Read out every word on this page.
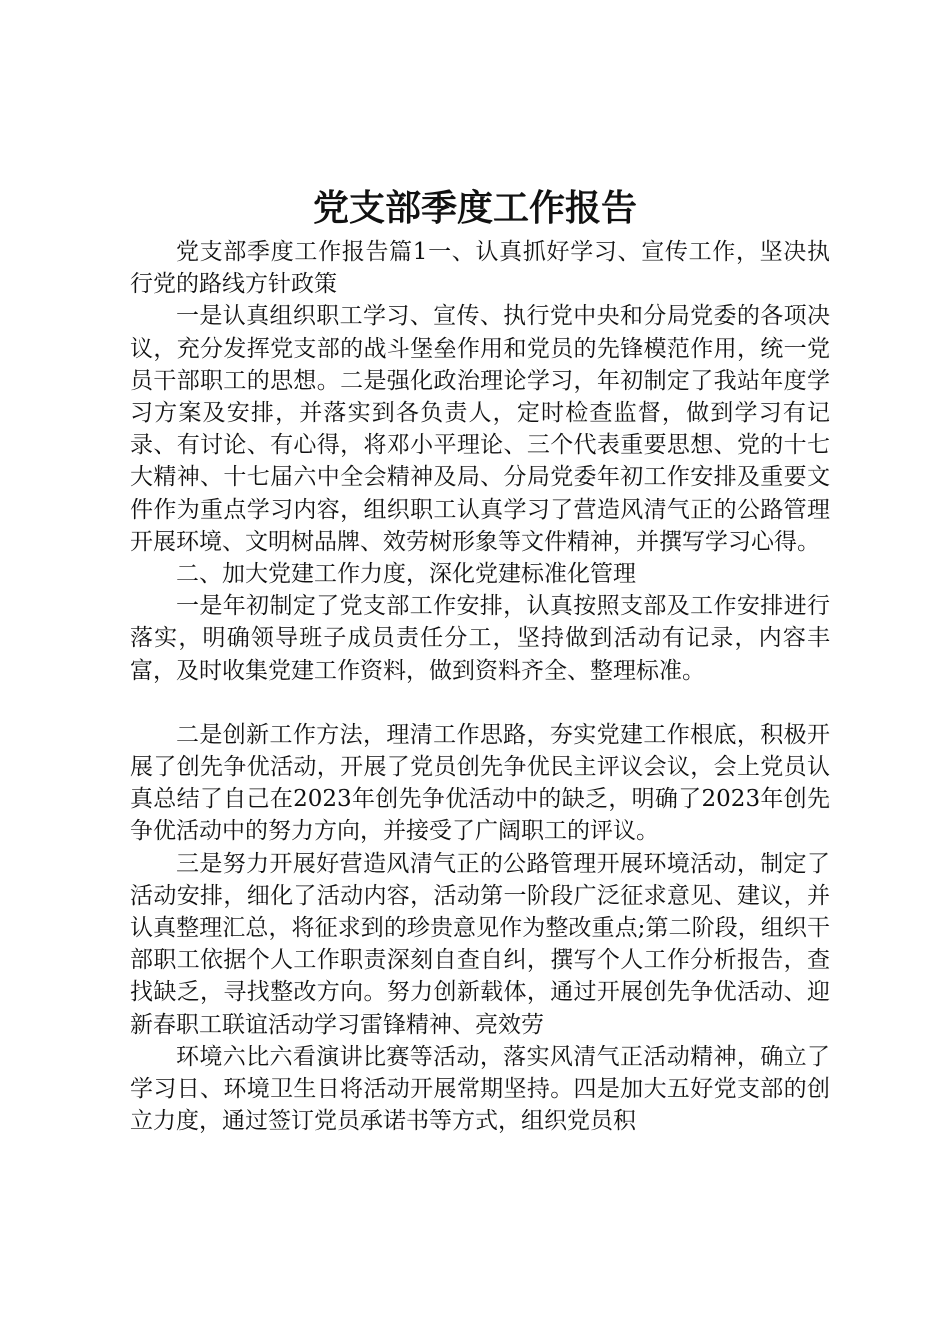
党支部季度工作报告

党支部季度工作报告篇1一、认真抓好学习、宣传工作，坚决执行党的路线方针政策

一是认真组织职工学习、宣传、执行党中央和分局党委的各项决议，充分发挥党支部的战斗堡垒作用和党员的先锋模范作用，统一党员干部职工的思想。二是强化政治理论学习，年初制定了我站年度学习方案及安排，并落实到各负责人，定时检查监督，做到学习有记录、有讨论、有心得，将邓小平理论、三个代表重要思想、党的十七大精神、十七届六中全会精神及局、分局党委年初工作安排及重要文件作为重点学习内容，组织职工认真学习了营造风清气正的公路管理开展环境、文明树品牌、效劳树形象等文件精神，并撰写学习心得。

二、加大党建工作力度，深化党建标准化管理

一是年初制定了党支部工作安排，认真按照支部及工作安排进行落实，明确领导班子成员责任分工，坚持做到活动有记录，内容丰富，及时收集党建工作资料，做到资料齐全、整理标准。

二是创新工作方法，理清工作思路，夯实党建工作根底，积极开展了创先争优活动，开展了党员创先争优民主评议会议，会上党员认真总结了自己在2023年创先争优活动中的缺乏，明确了2023年创先争优活动中的努力方向，并接受了广阔职工的评议。

三是努力开展好营造风清气正的公路管理开展环境活动，制定了活动安排，细化了活动内容，活动第一阶段广泛征求意见、建议，并认真整理汇总，将征求到的珍贵意见作为整改重点;第二阶段，组织干部职工依据个人工作职责深刻自查自纠，撰写个人工作分析报告，查找缺乏，寻找整改方向。努力创新载体，通过开展创先争优活动、迎新春职工联谊活动学习雷锋精神、亮效劳

环境六比六看演讲比赛等活动，落实风清气正活动精神，确立了学习日、环境卫生日将活动开展常期坚持。四是加大五好党支部的创立力度，通过签订党员承诺书等方式，组织党员积
